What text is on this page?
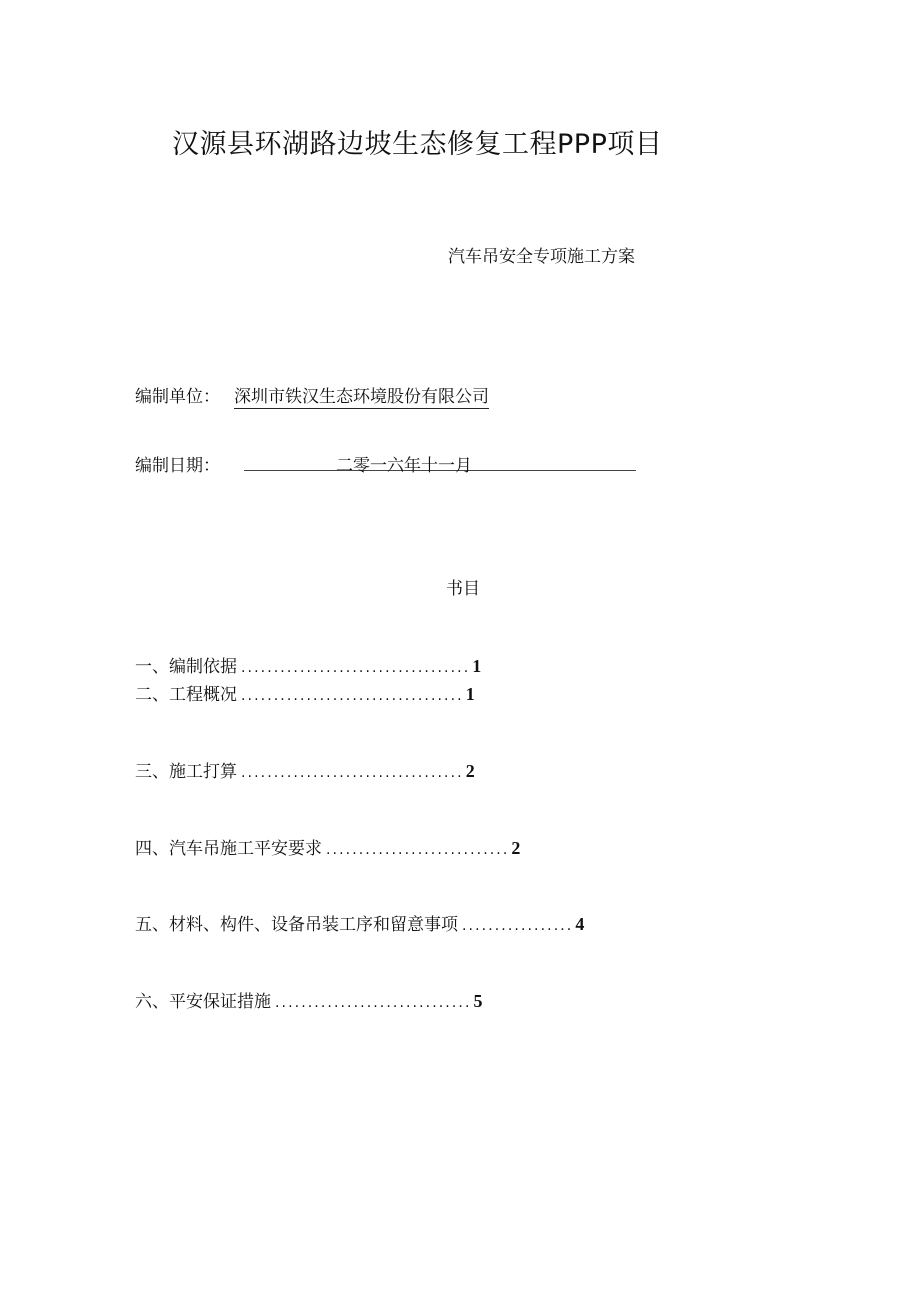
汉源县环湖路边坡生态修复工程PPP项目
汽车吊安全专项施工方案
编制单位： 深圳市铁汉生态环境股份有限公司
编制日期：	二零一六年十一月
书目
一、编制依据 ................................... 1
二、工程概况 .................................. 1
三、施工打算 .................................. 2
四、汽车吊施工平安要求 ............................ 2
五、材料、构件、设备吊装工序和留意事项 ................. 4
六、平安保证措施 .............................. 5
